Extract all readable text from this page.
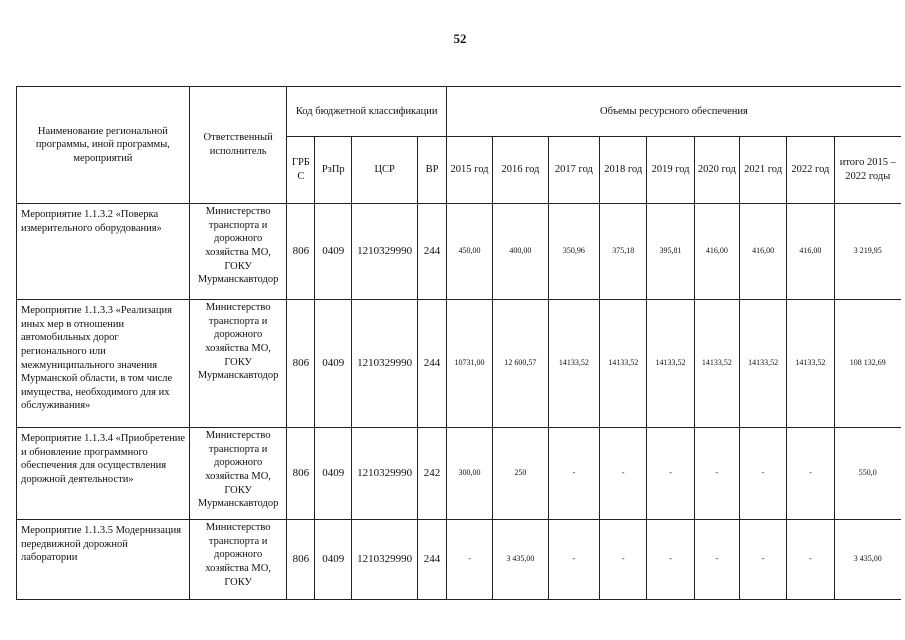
52
Наименование региональной программы, иной программы, мероприятий	Ответственный исполнитель	Код бюджетной классификации				Объемы ресурсного обеспечения								
		ГРБ С	РзПр	ЦСР	ВР	2015 год	2016 год	2017 год	2018 год	2019 год	2020 год	2021 год	2022 год	итого 2015 – 2022 годы
Мероприятие 1.1.3.2 «Поверка измерительного оборудования»	Министерство транспорта и дорожного хозяйства МО, ГОКУ Мурманскавтодор	806	0409	1210329990	244	450,00	400,00	350,96	375,18	395,81	416,00	416,00	416,00	3 219,95
Мероприятие 1.1.3.3 «Реализация иных мер в отношении автомобильных дорог регионального или межмуниципального значения Мурманской области, в том числе имущества, необходимого для их обслуживания»	Министерство транспорта и дорожного хозяйства МО, ГОКУ Мурманскавтодор	806	0409	1210329990	244	10731,00	12 600,57	14133,52	14133,52	14133,52	14133,52	14133,52	14133,52	108 132,69
Мероприятие 1.1.3.4 «Приобретение и обновление программного обеспечения для осуществления дорожной деятельности»	Министерство транспорта и дорожного хозяйства МО, ГОКУ Мурманскавтодор	806	0409	1210329990	242	300,00	250	-	-	-	-	-	-	550,0
Мероприятие 1.1.3.5 Модернизация передвижной дорожной лаборатории	Министерство транспорта и дорожного хозяйства МО, ГОКУ	806	0409	1210329990	244	-	3 435,00	-	-	-	-	-	-	3 435,00
